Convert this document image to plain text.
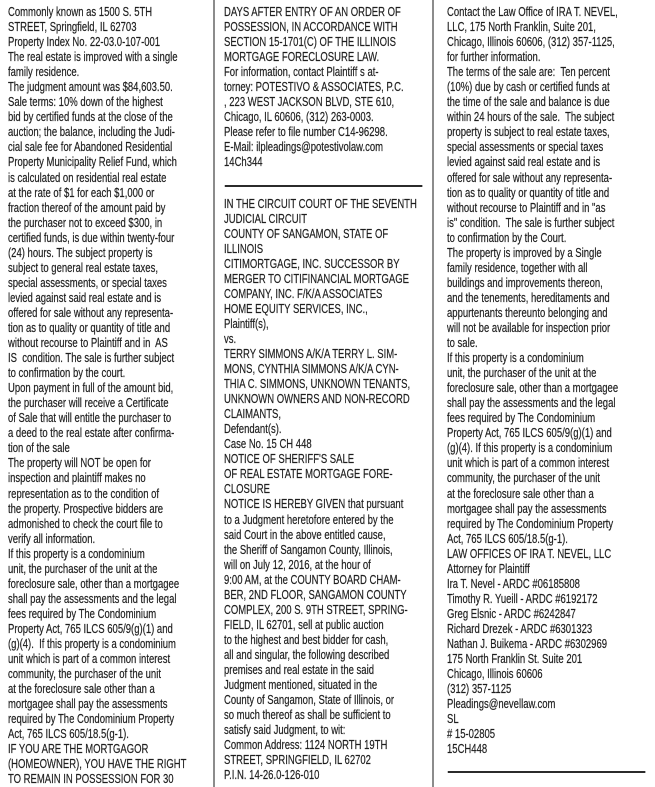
Commonly known as 1500 S. 5TH
STREET, Springfield, IL 62703
Property Index No. 22-03.0-107-001
The real estate is improved with a single
family residence.
The judgment amount was $84,603.50.
Sale terms: 10% down of the highest
bid by certified funds at the close of the
auction; the balance, including the Judi-
cial sale fee for Abandoned Residential
Property Municipality Relief Fund, which
is calculated on residential real estate
at the rate of $1 for each $1,000 or
fraction thereof of the amount paid by
the purchaser not to exceed $300, in
certified funds, is due within twenty-four
(24) hours. The subject property is
subject to general real estate taxes,
special assessments, or special taxes
levied against said real estate and is
offered for sale without any representa-
tion as to quality or quantity of title and
without recourse to Plaintiff and in  AS
IS  condition. The sale is further subject
to confirmation by the court.
Upon payment in full of the amount bid,
the purchaser will receive a Certificate
of Sale that will entitle the purchaser to
a deed to the real estate after confirma-
tion of the sale
The property will NOT be open for
inspection and plaintiff makes no
representation as to the condition of
the property. Prospective bidders are
admonished to check the court file to
verify all information.
If this property is a condominium
unit, the purchaser of the unit at the
foreclosure sale, other than a mortgagee
shall pay the assessments and the legal
fees required by The Condominium
Property Act, 765 ILCS 605/9(g)(1) and
(g)(4).  If this property is a condominium
unit which is part of a common interest
community, the purchaser of the unit
at the foreclosure sale other than a
mortgagee shall pay the assessments
required by The Condominium Property
Act, 765 ILCS 605/18.5(g-1).
IF YOU ARE THE MORTGAGOR
(HOMEOWNER), YOU HAVE THE RIGHT
TO REMAIN IN POSSESSION FOR 30
DAYS AFTER ENTRY OF AN ORDER OF
POSSESSION, IN ACCORDANCE WITH
SECTION 15-1701(C) OF THE ILLINOIS
MORTGAGE FORECLOSURE LAW.
For information, contact Plaintiff s at-
torney: POTESTIVO & ASSOCIATES, P.C.
, 223 WEST JACKSON BLVD, STE 610,
Chicago, IL 60606, (312) 263-0003.
Please refer to file number C14-96298.
E-Mail: ilpleadings@potestivolaw.com
14Ch344
IN THE CIRCUIT COURT OF THE SEVENTH
JUDICIAL CIRCUIT
COUNTY OF SANGAMON, STATE OF
ILLINOIS
CITIMORTGAGE, INC. SUCCESSOR BY
MERGER TO CITIFINANCIAL MORTGAGE
COMPANY, INC. F/K/A ASSOCIATES
HOME EQUITY SERVICES, INC.,
Plaintiff(s),
vs.
TERRY SIMMONS A/K/A TERRY L. SIM-
MONS, CYNTHIA SIMMONS A/K/A CYN-
THIA C. SIMMONS, UNKNOWN TENANTS,
UNKNOWN OWNERS AND NON-RECORD
CLAIMANTS,
Defendant(s).
Case No. 15 CH 448
NOTICE OF SHERIFF'S SALE
OF REAL ESTATE MORTGAGE FORE-
CLOSURE
NOTICE IS HEREBY GIVEN that pursuant
to a Judgment heretofore entered by the
said Court in the above entitled cause,
the Sheriff of Sangamon County, Illinois,
will on July 12, 2016, at the hour of
9:00 AM, at the COUNTY BOARD CHAM-
BER, 2ND FLOOR, SANGAMON COUNTY
COMPLEX, 200 S. 9TH STREET, SPRING-
FIELD, IL 62701, sell at public auction
to the highest and best bidder for cash,
all and singular, the following described
premises and real estate in the said
Judgment mentioned, situated in the
County of Sangamon, State of Illinois, or
so much thereof as shall be sufficient to
satisfy said Judgment, to wit:
Common Address: 1124 NORTH 19TH
STREET, SPRINGFIELD, IL 62702
P.I.N. 14-26.0-126-010
Contact the Law Office of IRA T. NEVEL,
LLC, 175 North Franklin, Suite 201,
Chicago, Illinois 60606, (312) 357-1125,
for further information.
The terms of the sale are:  Ten percent
(10%) due by cash or certified funds at
the time of the sale and balance is due
within 24 hours of the sale.  The subject
property is subject to real estate taxes,
special assessments or special taxes
levied against said real estate and is
offered for sale without any representa-
tion as to quality or quantity of title and
without recourse to Plaintiff and in "as
is" condition.  The sale is further subject
to confirmation by the Court.
The property is improved by a Single
family residence, together with all
buildings and improvements thereon,
and the tenements, hereditaments and
appurtenants thereunto belonging and
will not be available for inspection prior
to sale.
If this property is a condominium
unit, the purchaser of the unit at the
foreclosure sale, other than a mortgagee
shall pay the assessments and the legal
fees required by The Condominium
Property Act, 765 ILCS 605/9(g)(1) and
(g)(4). If this property is a condominium
unit which is part of a common interest
community, the purchaser of the unit
at the foreclosure sale other than a
mortgagee shall pay the assessments
required by The Condominium Property
Act, 765 ILCS 605/18.5(g-1).
LAW OFFICES OF IRA T. NEVEL, LLC
Attorney for Plaintiff
Ira T. Nevel - ARDC #06185808
Timothy R. Yueill - ARDC #6192172
Greg Elsnic - ARDC #6242847
Richard Drezek - ARDC #6301323
Nathan J. Buikema - ARDC #6302969
175 North Franklin St. Suite 201
Chicago, Illinois 60606
(312) 357-1125
Pleadings@nevellaw.com
SL
# 15-02805
15CH448
